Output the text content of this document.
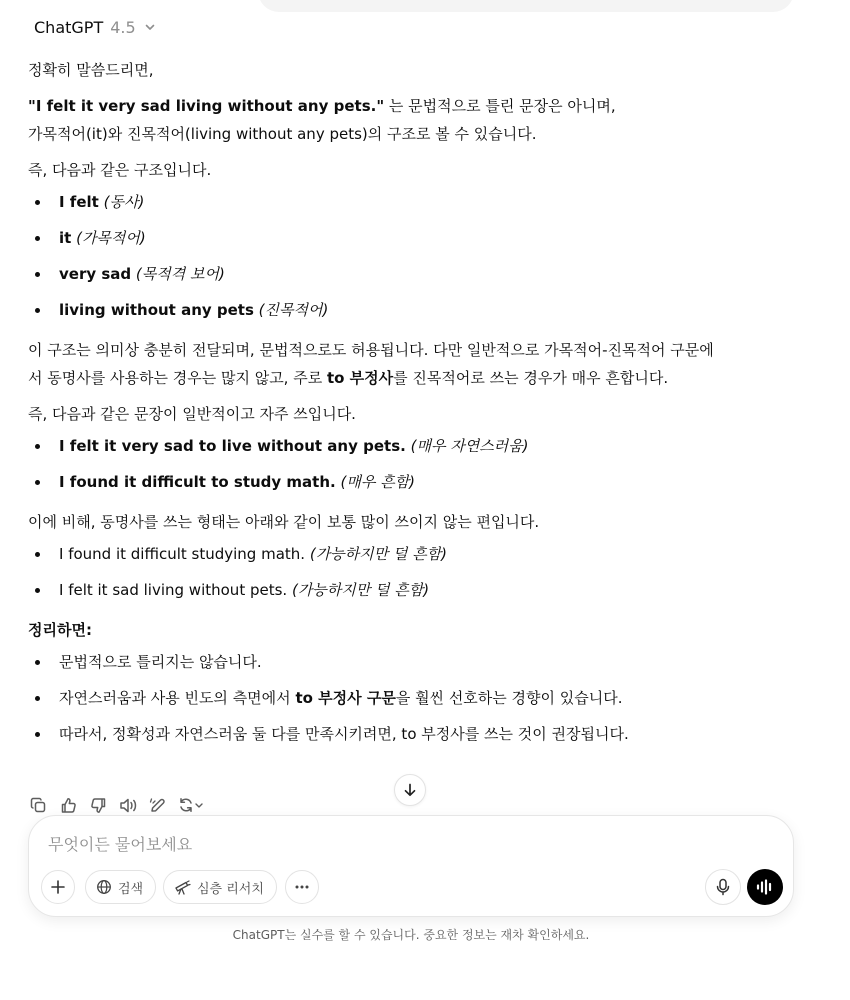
ChatGPT 4.5

정확히 말씀드리면,

"I felt it very sad living without any pets." 는 문법적으로 틀린 문장은 아니며,

가목적어(it)와 진목적어(living without any pets)의 구조로 볼 수 있습니다.

즉, 다음과 같은 구조입니다.

I felt (동사)
it (가목적어)
very sad (목적격 보어)
living without any pets (진목적어)

이 구조는 의미상 충분히 전달되며, 문법적으로도 허용됩니다. 다만 일반적으로 가목적어-진목적어 구문에

서 동명사를 사용하는 경우는 많지 않고, 주로 to 부정사를 진목적어로 쓰는 경우가 매우 흔합니다.

즉, 다음과 같은 문장이 일반적이고 자주 쓰입니다.

I felt it very sad to live without any pets. (매우 자연스러움)
I found it difficult to study math. (매우 흔함)

이에 비해, 동명사를 쓰는 형태는 아래와 같이 보통 많이 쓰이지 않는 편입니다.

I found it difficult studying math. (가능하지만 덜 흔함)
I felt it sad living without pets. (가능하지만 덜 흔함)

정리하면:

문법적으로 틀리지는 않습니다.
자연스러움과 사용 빈도의 측면에서 to 부정사 구문을 훨씬 선호하는 경향이 있습니다.
따라서, 정확성과 자연스러움 둘 다를 만족시키려면, to 부정사를 쓰는 것이 권장됩니다.
무엇이든 물어보세요
검색	심층 리서치
ChatGPT는 실수를 할 수 있습니다. 중요한 정보는 재차 확인하세요.
